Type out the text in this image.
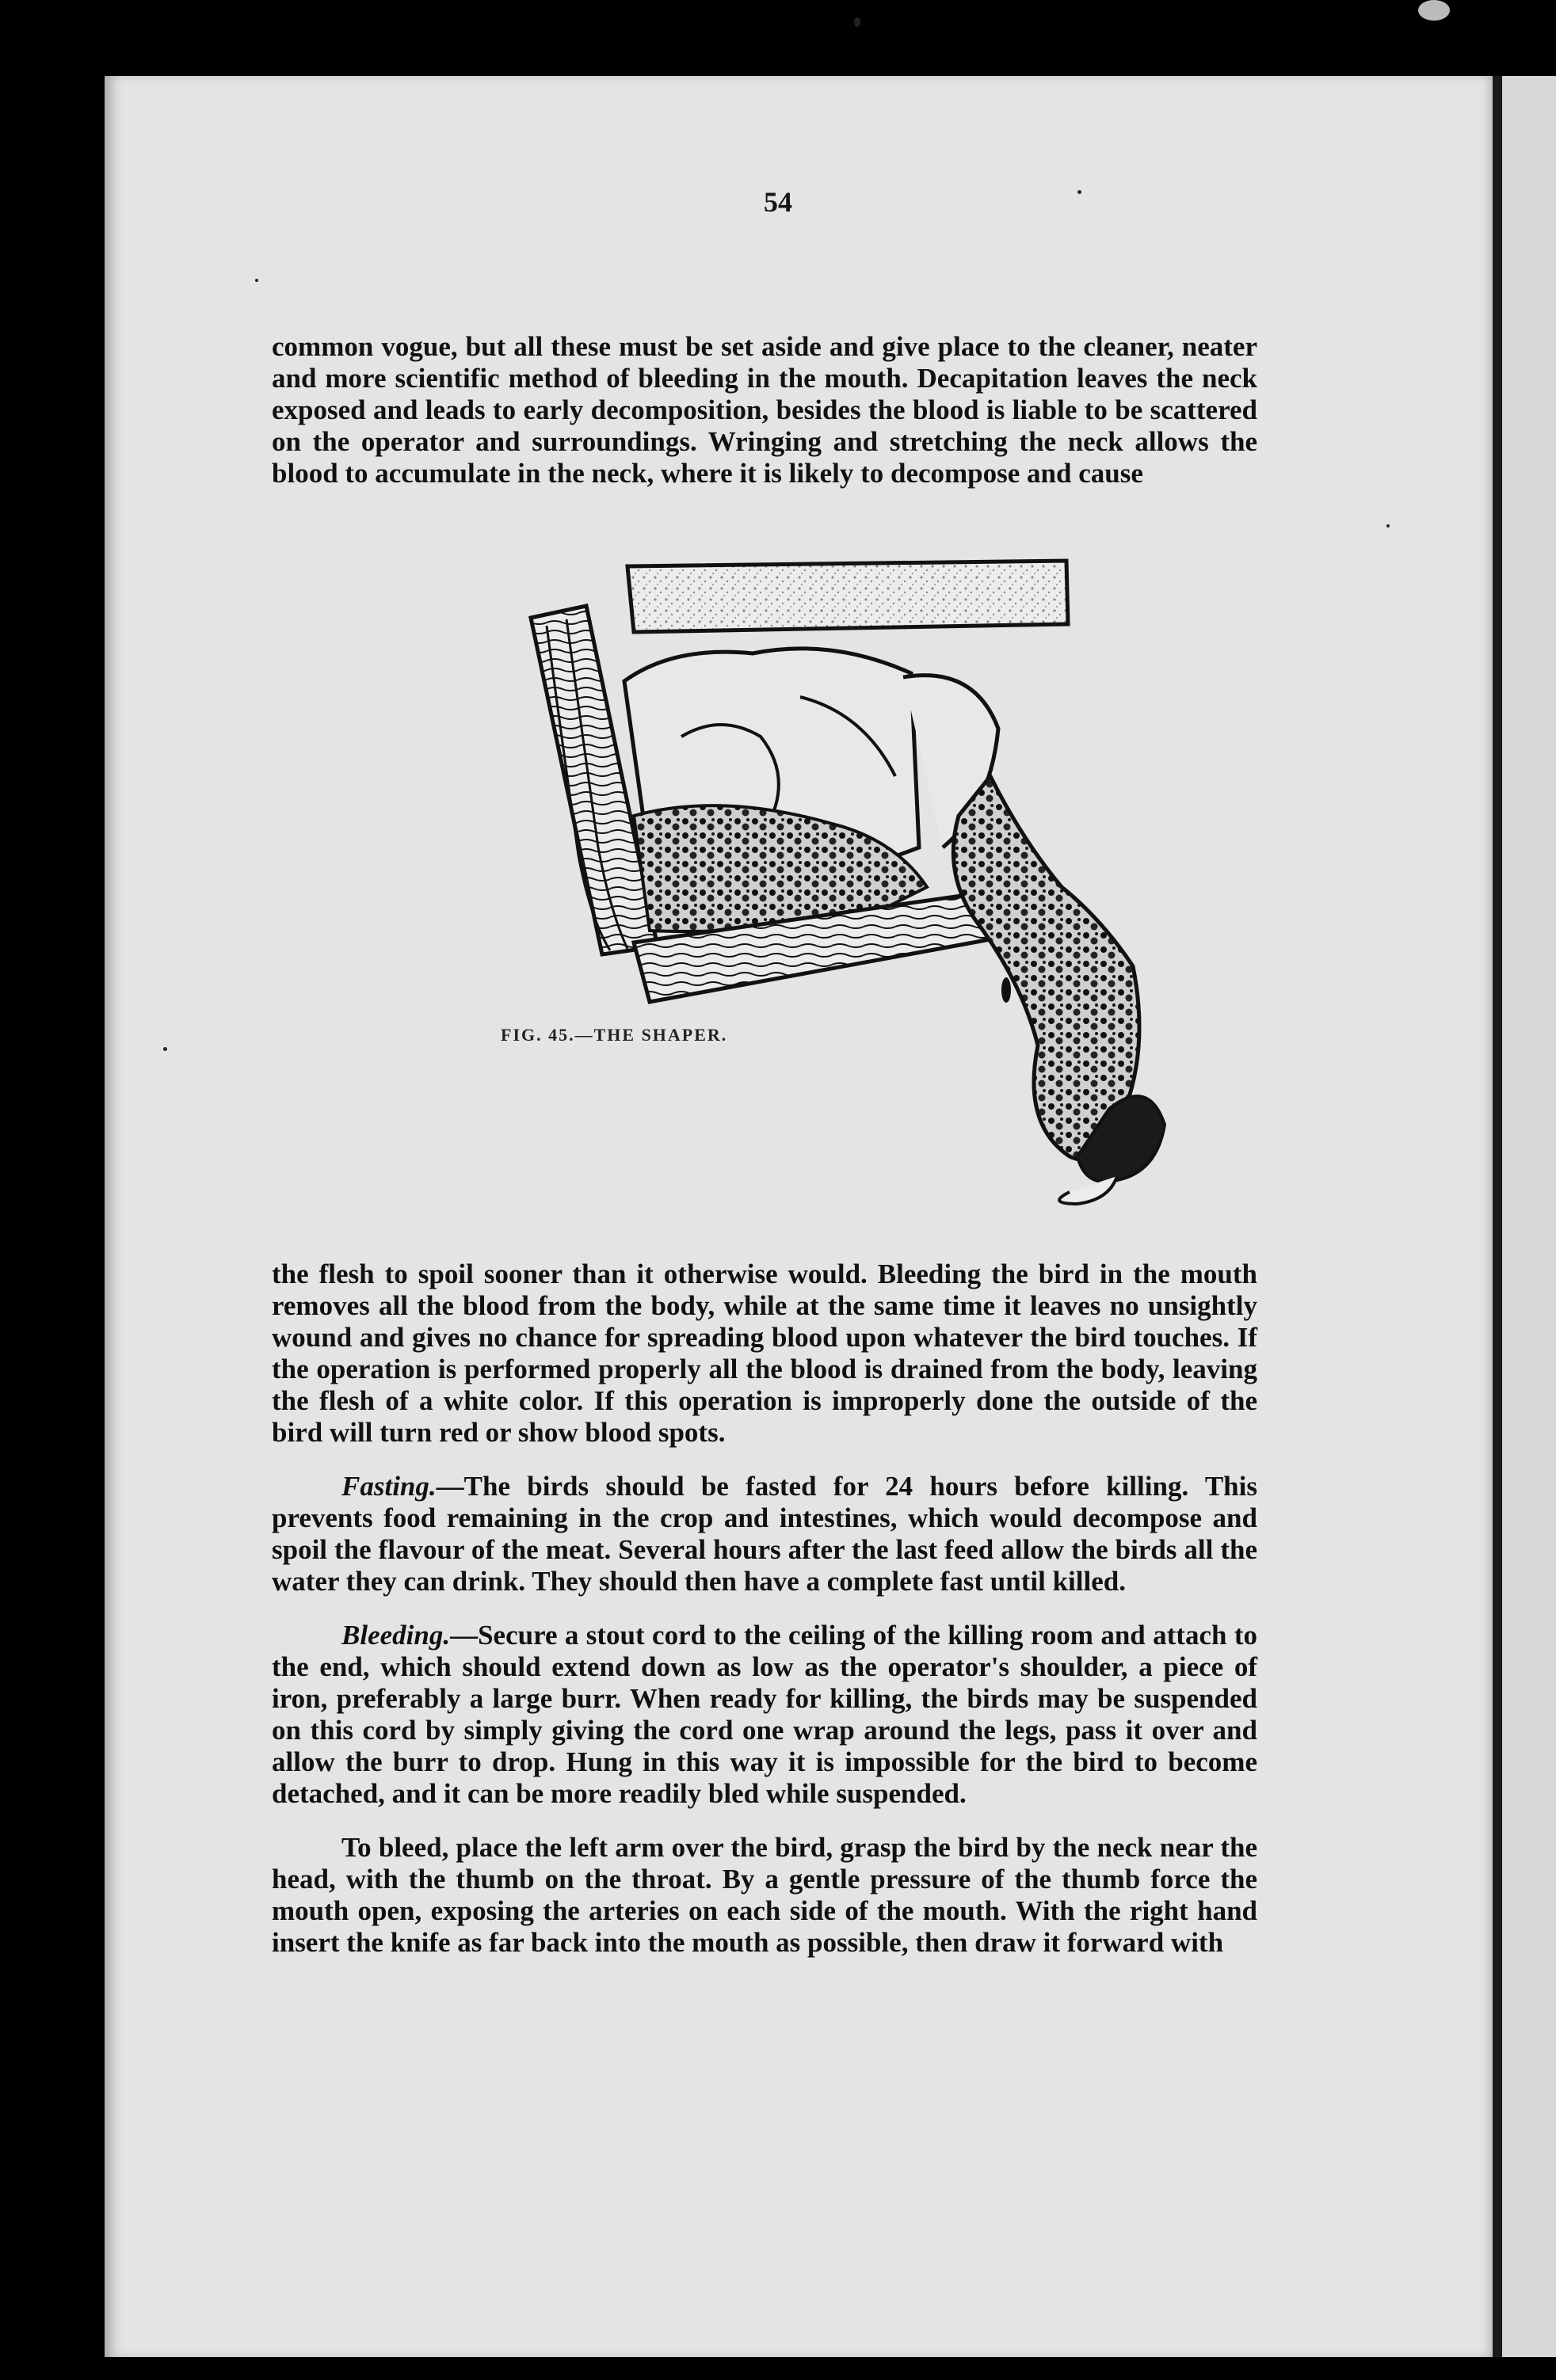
54

common vogue, but all these must be set aside and give place to the cleaner, neater and more scientific method of bleeding in the mouth. Decapitation leaves the neck exposed and leads to early decomposition, besides the blood is liable to be scattered on the operator and surroundings. Wringing and stretching the neck allows the blood to accumulate in the neck, where it is likely to decompose and cause

FIG. 45.—THE SHAPER.

the flesh to spoil sooner than it otherwise would. Bleeding the bird in the mouth removes all the blood from the body, while at the same time it leaves no unsightly wound and gives no chance for spreading blood upon whatever the bird touches. If the operation is performed properly all the blood is drained from the body, leaving the flesh of a white color. If this operation is improperly done the outside of the bird will turn red or show blood spots.

Fasting.—The birds should be fasted for 24 hours before killing. This prevents food remaining in the crop and intestines, which would decompose and spoil the flavour of the meat. Several hours after the last feed allow the birds all the water they can drink. They should then have a complete fast until killed.

Bleeding.—Secure a stout cord to the ceiling of the killing room and attach to the end, which should extend down as low as the operator's shoulder, a piece of iron, preferably a large burr. When ready for killing, the birds may be suspended on this cord by simply giving the cord one wrap around the legs, pass it over and allow the burr to drop. Hung in this way it is impossible for the bird to become detached, and it can be more readily bled while suspended.

To bleed, place the left arm over the bird, grasp the bird by the neck near the head, with the thumb on the throat. By a gentle pressure of the thumb force the mouth open, exposing the arteries on each side of the mouth. With the right hand insert the knife as far back into the mouth as possible, then draw it forward with
